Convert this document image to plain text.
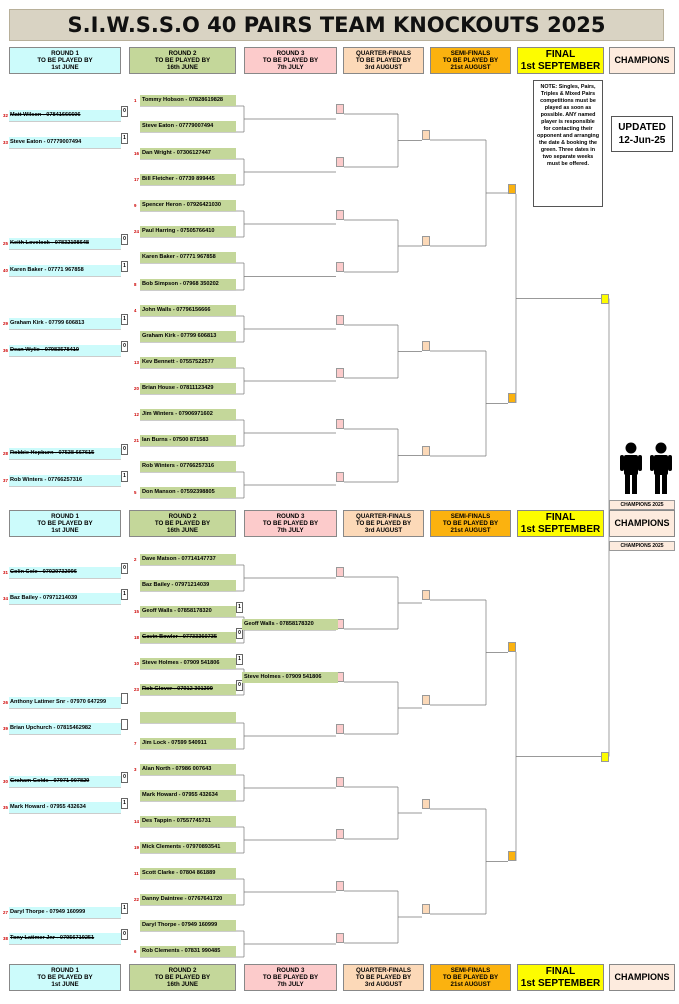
S.I.W.S.S.O 40 PAIRS TEAM KNOCKOUTS 2025
ROUND 1
TO BE PLAYED BY
1st JUNE
ROUND 2
TO BE PLAYED BY
16th JUNE
ROUND 3
TO BE PLAYED BY
7th JULY
QUARTER-FINALS
TO BE PLAYED BY
3rd AUGUST
SEMI-FINALS
TO BE PLAYED BY
21st AUGUST
FINAL
1st SEPTEMBER
CHAMPIONS
ROUND 1
TO BE PLAYED BY
1st JUNE
ROUND 2
TO BE PLAYED BY
16th JUNE
ROUND 3
TO BE PLAYED BY
7th JULY
QUARTER-FINALS
TO BE PLAYED BY
3rd AUGUST
SEMI-FINALS
TO BE PLAYED BY
21st AUGUST
FINAL
1st SEPTEMBER
CHAMPIONS
ROUND 1
TO BE PLAYED BY
1st JUNE
ROUND 2
TO BE PLAYED BY
16th JUNE
ROUND 3
TO BE PLAYED BY
7th JULY
QUARTER-FINALS
TO BE PLAYED BY
3rd AUGUST
SEMI-FINALS
TO BE PLAYED BY
21st AUGUST
FINAL
1st SEPTEMBER
CHAMPIONS
32 Matt Wilson - 07841666606
0
33 Steve Eaton - 07779007494
1
25 Keith Lovelock - 07832198648
0
40 Karen Baker - 07771 967858
1
29 Graham Kirk - 07799 606813
1
36 Dean Wylie - 07983578419
0
28 Robbie Hepburn - 07538 667615
0
37 Rob Winters - 07766257316
1
1 Tommy Hobson - 07828619828
Steve Eaton - 07779007494
16 Dan Wright - 07306127447
17 Bill Fletcher - 07739 899445
9 Spencer Heron - 07926421030
24 Paul Harring - 07505766410
Karen Baker - 07771 967858
8 Bob Simpson - 07968 350202
4 John Walls - 07796156666
Graham Kirk - 07799 606813
13 Kev Bennett - 07557522577
20 Brian House - 07811123429
12 Jim Winters - 07906971602
21 Ian Burns - 07500 871583
Rob Winters - 07766257316
5 Don Manson - 07592398805
31 Colin Cole - 07929732996
0
34 Baz Bailey - 07971214039
1
26 Anthony Latimer Snr - 07970 647299
39 Brian Upchurch - 07815462982
30 Graham Golds - 07971 007829
0
35 Mark Howard - 07955 432634
1
27 Daryl Thorpe - 07949 160999
1
38 Tony Latimer Jnr - 07956719251
0
2 Dave Matson - 07714147737
Baz Bailey - 07971214039
15 Geoff Walls - 07858178320
1
18 Gavin Bowler - 07733360735
0
10 Steve Holmes - 07909 541806
1
23 Rob Glover - 07912 301309
0
7 Jim Lock - 07599 540911
3 Alan North - 07986 007643
Mark Howard - 07955 432634
14 Des Tappin - 07557745731
19 Mick Clements - 07970893541
11 Scott Clarke - 07804 861889
22 Danny Daintree - 07767641720
Daryl Thorpe - 07949 160999
6 Rob Clements - 07831 990485
Geoff Walls - 07858178320
Steve Holmes - 07909 541806
NOTE: Singles, Pairs, Triples & Mixed Pairs competitions must be played as soon as possible. ANY named player is responsible for contacting their opponent and arranging the date & booking the green. Three dates in two separate weeks must be offered.
UPDATED
12-Jun-25
CHAMPIONS 2025
CHAMPIONS 2025
